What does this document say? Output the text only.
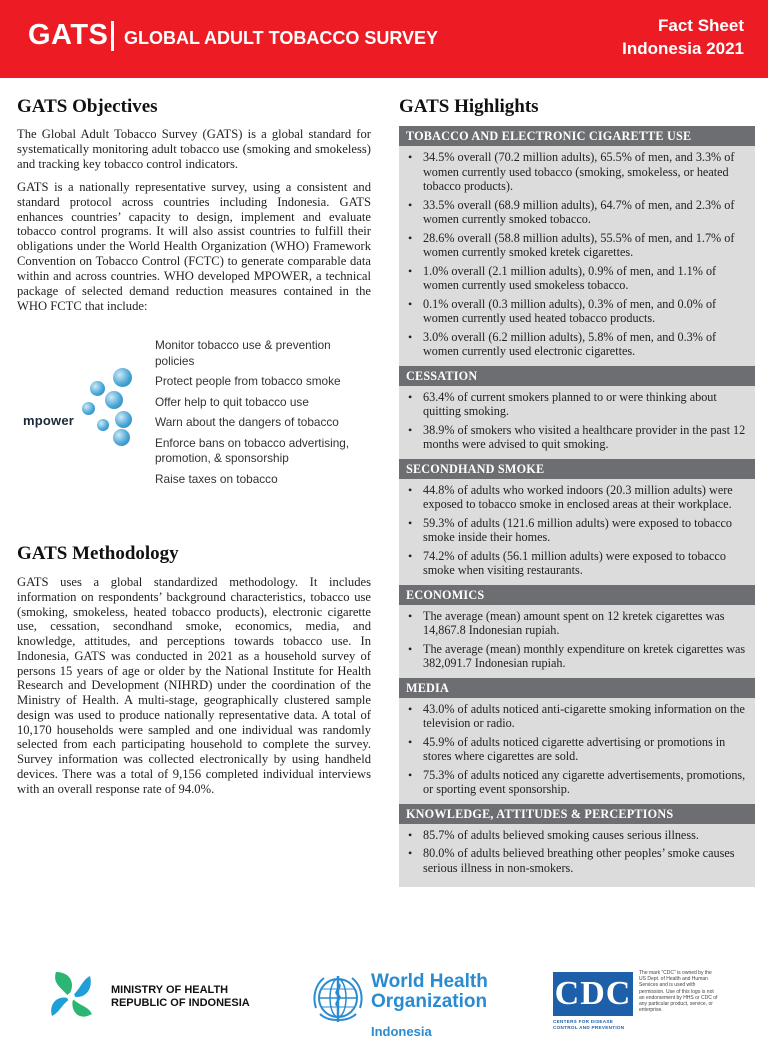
GATS GLOBAL ADULT TOBACCO SURVEY
Fact Sheet
Indonesia 2021
GATS Objectives

The Global Adult Tobacco Survey (GATS) is a global standard for systematically monitoring adult tobacco use (smoking and smokeless) and tracking key tobacco control indicators.

GATS is a nationally representative survey, using a consistent and standard protocol across countries including Indonesia. GATS enhances countries’ capacity to design, implement and evaluate tobacco control programs. It will also assist countries to fulfill their obligations under the World Health Organization (WHO) Framework Convention on Tobacco Control (FCTC) to generate comparable data within and across countries. WHO developed MPOWER, a technical package of selected demand reduction measures contained in the WHO FCTC that include:

mpower
Monitor tobacco use & prevention policies
Protect people from tobacco smoke
Offer help to quit tobacco use
Warn about the dangers of tobacco
Enforce bans on tobacco advertising, promotion, & sponsorship
Raise taxes on tobacco
GATS Methodology

GATS uses a global standardized methodology. It includes information on respondents’ background characteristics, tobacco use (smoking, smokeless, heated tobacco products), electronic cigarette use, cessation, secondhand smoke, economics, media, and knowledge, attitudes, and perceptions towards tobacco use. In Indonesia, GATS was conducted in 2021 as a household survey of persons 15 years of age or older by the National Institute for Health Research and Development (NIHRD) under the coordination of the Ministry of Health. A multi-stage, geographically clustered sample design was used to produce nationally representative data. A total of 10,170 households were sampled and one individual was randomly selected from each participating household to complete the survey. Survey information was collected electronically by using handheld devices. There was a total of 9,156 completed individual interviews with an overall response rate of 94.0%.

GATS Highlights
TOBACCO AND ELECTRONIC CIGARETTE USE
• 34.5% overall (70.2 million adults), 65.5% of men, and 3.3% of women currently used tobacco (smoking, smokeless, or heated tobacco products).
• 33.5% overall (68.9 million adults), 64.7% of men, and 2.3% of women currently smoked tobacco.
• 28.6% overall (58.8 million adults), 55.5% of men, and 1.7% of women currently smoked kretek cigarettes.
• 1.0% overall (2.1 million adults), 0.9% of men, and 1.1% of women currently used smokeless tobacco.
• 0.1% overall (0.3 million adults), 0.3% of men, and 0.0% of women currently used heated tobacco products.
• 3.0% overall (6.2 million adults), 5.8% of men, and 0.3% of women currently used electronic cigarettes.
CESSATION
• 63.4% of current smokers planned to or were thinking about quitting smoking.
• 38.9% of smokers who visited a healthcare provider in the past 12 months were advised to quit smoking.
SECONDHAND SMOKE
• 44.8% of adults who worked indoors (20.3 million adults) were exposed to tobacco smoke in enclosed areas at their workplace.
• 59.3% of adults (121.6 million adults) were exposed to tobacco smoke inside their homes.
• 74.2% of adults (56.1 million adults) were exposed to tobacco smoke when visiting restaurants.
ECONOMICS
• The average (mean) amount spent on 12 kretek cigarettes was 14,867.8 Indonesian rupiah.
• The average (mean) monthly expenditure on kretek cigarettes was 382,091.7 Indonesian rupiah.
MEDIA
• 43.0% of adults noticed anti-cigarette smoking information on the television or radio.
• 45.9% of adults noticed cigarette advertising or promotions in stores where cigarettes are sold.
• 75.3% of adults noticed any cigarette advertisements, promotions, or sporting event sponsorship.
KNOWLEDGE, ATTITUDES & PERCEPTIONS
• 85.7% of adults believed smoking causes serious illness.
• 80.0% of adults believed breathing other peoples’ smoke causes serious illness in non-smokers.
MINISTRY OF HEALTH
REPUBLIC OF INDONESIA
World Health
Organization
Indonesia
CDC
CENTERS FOR DISEASE CONTROL AND PREVENTION
The mark “CDC” is owned by the US Dept. of Health and Human Services and is used with permission. Use of this logo is not an endorsement by HHS or CDC of any particular product, service, or enterprise.
